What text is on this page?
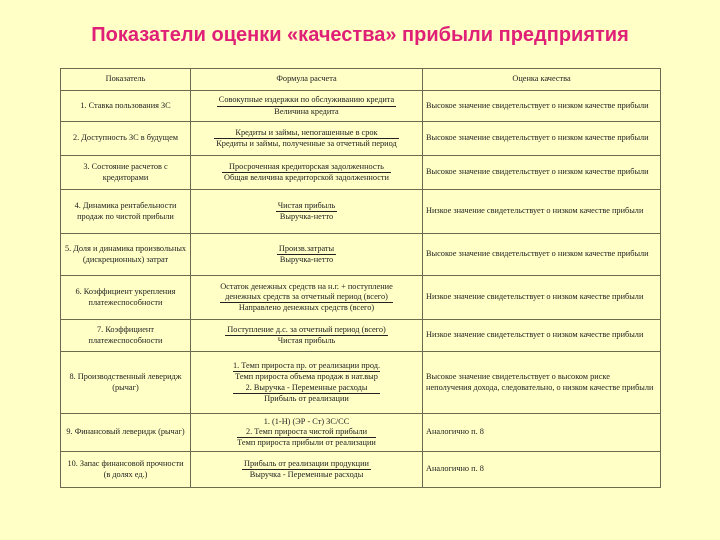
Показатели оценки «качества» прибыли предприятия
Показатель	Формула расчета	Оценка качества
1. Ставка пользования ЗС	$\frac{\text{Совокупные издержки по обслуживанию кредита}}{\text{Величина кредита}}$	Высокое значение свидетельствует о низком качестве прибыли
2. Доступность ЗС в будущем	$\frac{\text{Кредиты и займы, непогашенные в срок}}{\text{Кредиты и займы, полученные за отчетный период}}$	Высокое значение свидетельствует о низком качестве прибыли
3. Состояние расчетов с кредиторами	$\frac{\text{Просроченная кредиторская задолженность}}{\text{Общая величина кредиторской задолженности}}$	Высокое значение свидетельствует о низком качестве прибыли
4. Динамика рентабельности продаж по чистой прибыли	$\frac{\text{Чистая прибыль}}{\text{Выручка-нетто}}$	Низкое значение свидетельствует о низком качестве прибыли
5. Доля и динамика произвольных (дискреционных) затрат	$\frac{\text{Произв.затраты}}{\text{Выручка-нетто}}$	Высокое значение свидетельствует о низком качестве прибыли
6. Коэффициент укрепления платежеспособности	Остаток денежных средств на н.г. + поступление
денежных средств за отчетный период (всего)
Направлено денежных средств (всего)	Низкое значение свидетельствует о низком качестве прибыли
7. Коэффициент платежеспособности	$\frac{\text{Поступление д.с. за отчетный период (всего)}}{\text{Чистая прибыль}}$	Низкое значение свидетельствует о низком качестве прибыли
8. Производственный леверидж (рычаг)	1. Темп прироста пр. от реализации прод.
Темп прироста объема продаж в нат.выр
2. Выручка - Переменные расходы
Прибыль от реализации	Высокое значение свидетельствует о высоком риске неполучения дохода, следовательно, о низком качестве прибыли
9. Финансовый леверидж (рычаг)	1. (1-Н) (ЭР - Ст) ЗС/СС
2. Темп прироста чистой прибыли
Темп прироста прибыли от реализации	Аналогично п. 8
10. Запас финансовой прочности (в долях ед.)	$\frac{\text{Прибыль от реализации продукции}}{\text{Выручка - Переменные расходы}}$	Аналогично п. 8
